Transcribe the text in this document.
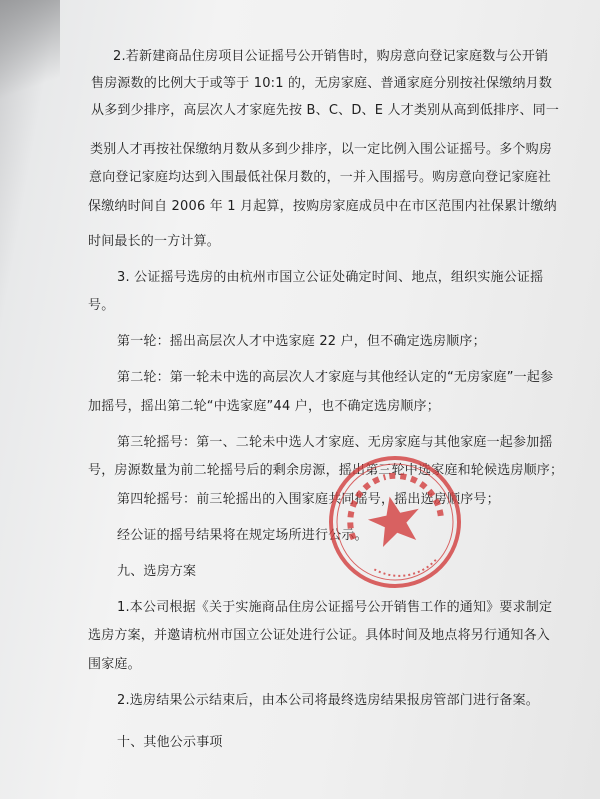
2.若新建商品住房项目公证摇号公开销售时，购房意向登记家庭数与公开销
售房源数的比例大于或等于 10:1 的，无房家庭、普通家庭分别按社保缴纳月数
从多到少排序，高层次人才家庭先按 B、C、D、E 人才类别从高到低排序、同一
类别人才再按社保缴纳月数从多到少排序，以一定比例入围公证摇号。多个购房
意向登记家庭均达到入围最低社保月数的，一并入围摇号。购房意向登记家庭社
保缴纳时间自 2006 年 1 月起算，按购房家庭成员中在市区范围内社保累计缴纳
时间最长的一方计算。
3. 公证摇号选房的由杭州市国立公证处确定时间、地点，组织实施公证摇
号。
第一轮：摇出高层次人才中选家庭 22 户，但不确定选房顺序；
第二轮：第一轮未中选的高层次人才家庭与其他经认定的“无房家庭”一起参
加摇号，摇出第二轮“中选家庭”44 户，也不确定选房顺序；
第三轮摇号：第一、二轮未中选人才家庭、无房家庭与其他家庭一起参加摇
号，房源数量为前二轮摇号后的剩余房源，摇出第三轮中选家庭和轮候选房顺序；
第四轮摇号：前三轮摇出的入围家庭共同摇号，摇出选房顺序号；
经公证的摇号结果将在规定场所进行公示。
九、选房方案
1.本公司根据《关于实施商品住房公证摇号公开销售工作的通知》要求制定
选房方案，并邀请杭州市国立公证处进行公证。具体时间及地点将另行通知各入
围家庭。
2.选房结果公示结束后，由本公司将最终选房结果报房管部门进行备案。
十、其他公示事项
